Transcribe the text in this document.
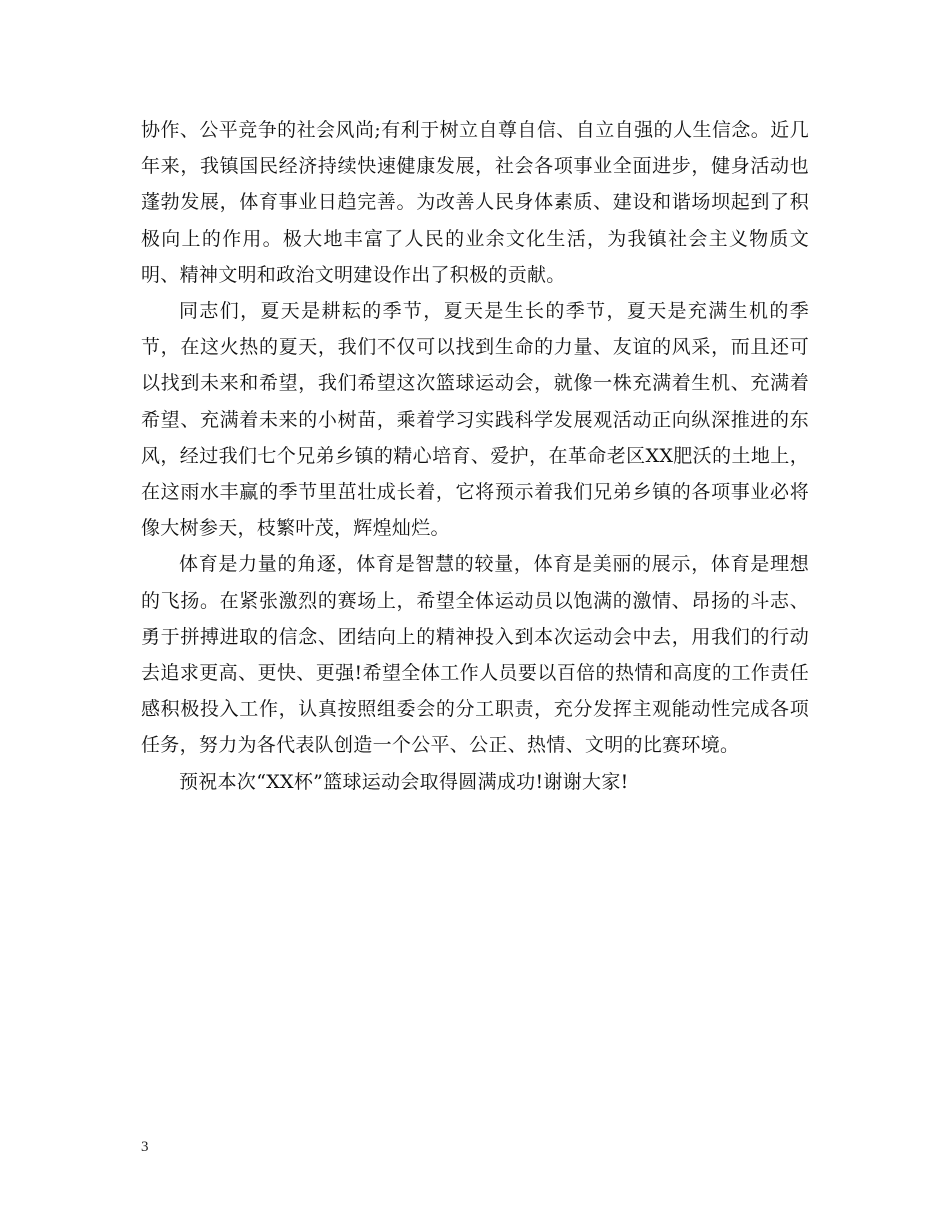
协作、公平竞争的社会风尚;有利于树立自尊自信、自立自强的人生信念。近几年来，我镇国民经济持续快速健康发展，社会各项事业全面进步，健身活动也蓬勃发展，体育事业日趋完善。为改善人民身体素质、建设和谐场坝起到了积极向上的作用。极大地丰富了人民的业余文化生活，为我镇社会主义物质文明、精神文明和政治文明建设作出了积极的贡献。

同志们，夏天是耕耘的季节，夏天是生长的季节，夏天是充满生机的季节，在这火热的夏天，我们不仅可以找到生命的力量、友谊的风采，而且还可以找到未来和希望，我们希望这次篮球运动会，就像一株充满着生机、充满着希望、充满着未来的小树苗，乘着学习实践科学发展观活动正向纵深推进的东风，经过我们七个兄弟乡镇的精心培育、爱护，在革命老区XX肥沃的土地上，在这雨水丰赢的季节里茁壮成长着，它将预示着我们兄弟乡镇的各项事业必将像大树参天，枝繁叶茂，辉煌灿烂。

体育是力量的角逐，体育是智慧的较量，体育是美丽的展示，体育是理想的飞扬。在紧张激烈的赛场上，希望全体运动员以饱满的激情、昂扬的斗志、勇于拼搏进取的信念、团结向上的精神投入到本次运动会中去，用我们的行动去追求更高、更快、更强!希望全体工作人员要以百倍的热情和高度的工作责任感积极投入工作，认真按照组委会的分工职责，充分发挥主观能动性完成各项任务，努力为各代表队创造一个公平、公正、热情、文明的比赛环境。

预祝本次“XX杯”篮球运动会取得圆满成功!谢谢大家!

3
